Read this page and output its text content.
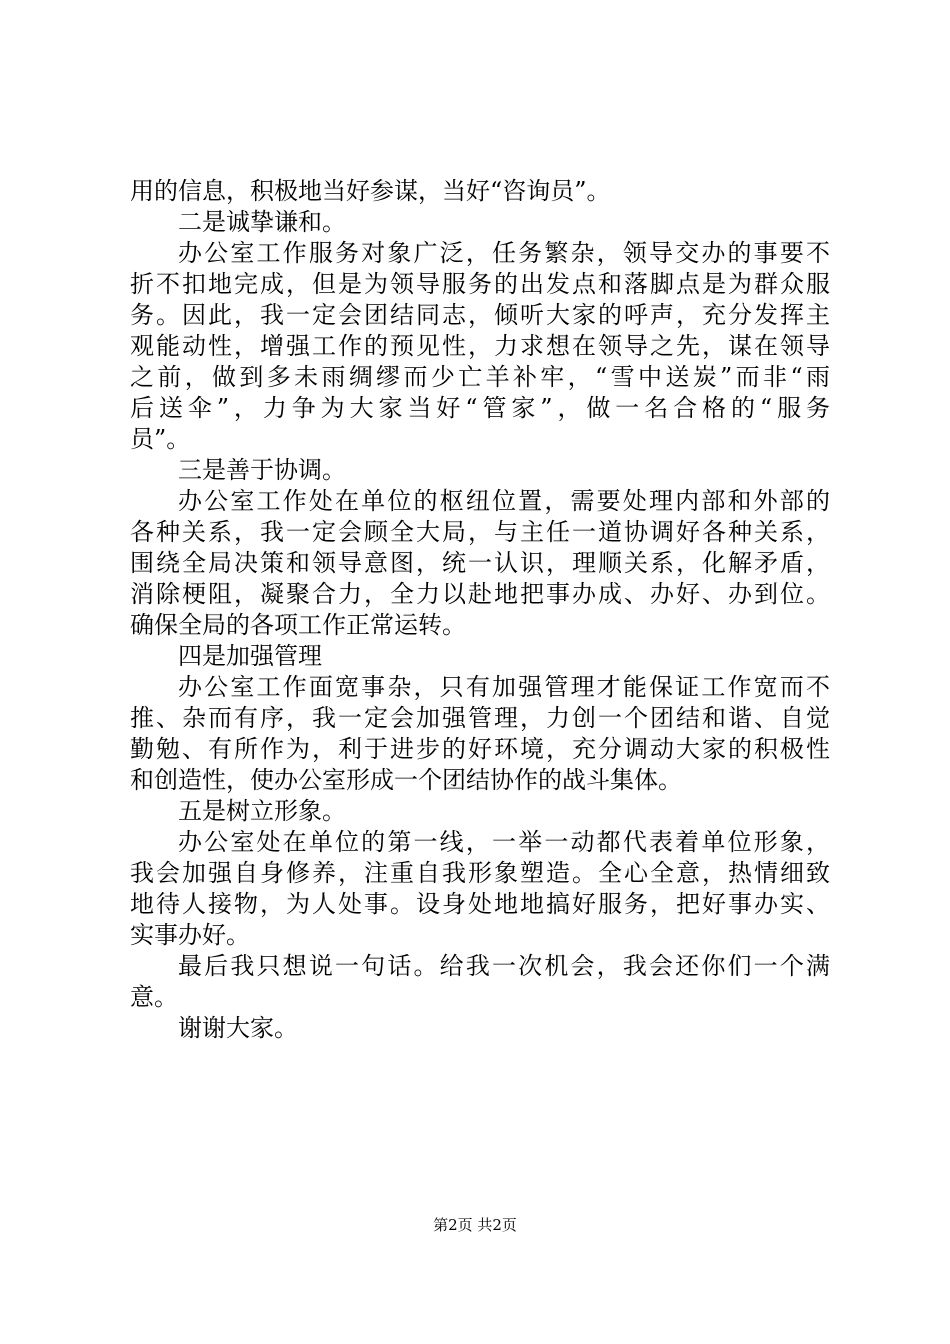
用的信息，积极地当好参谋，当好“咨询员”。
二是诚挚谦和。
办公室工作服务对象广泛，任务繁杂，领导交办的事要不
折不扣地完成，但是为领导服务的出发点和落脚点是为群众服
务。因此，我一定会团结同志，倾听大家的呼声，充分发挥主
观能动性，增强工作的预见性，力求想在领导之先，谋在领导
之前，做到多未雨绸缪而少亡羊补牢，“雪中送炭”而非“雨
后送伞”，力争为大家当好“管家”，做一名合格的“服务
员”。
三是善于协调。
办公室工作处在单位的枢纽位置，需要处理内部和外部的
各种关系，我一定会顾全大局，与主任一道协调好各种关系，
围绕全局决策和领导意图，统一认识，理顺关系，化解矛盾，
消除梗阻，凝聚合力，全力以赴地把事办成、办好、办到位。
确保全局的各项工作正常运转。
四是加强管理
办公室工作面宽事杂，只有加强管理才能保证工作宽而不
推、杂而有序，我一定会加强管理，力创一个团结和谐、自觉
勤勉、有所作为，利于进步的好环境，充分调动大家的积极性
和创造性，使办公室形成一个团结协作的战斗集体。
五是树立形象。
办公室处在单位的第一线，一举一动都代表着单位形象，
我会加强自身修养，注重自我形象塑造。全心全意，热情细致
地待人接物，为人处事。设身处地地搞好服务，把好事办实、
实事办好。
最后我只想说一句话。给我一次机会，我会还你们一个满
意。
谢谢大家。
第2页 共2页
